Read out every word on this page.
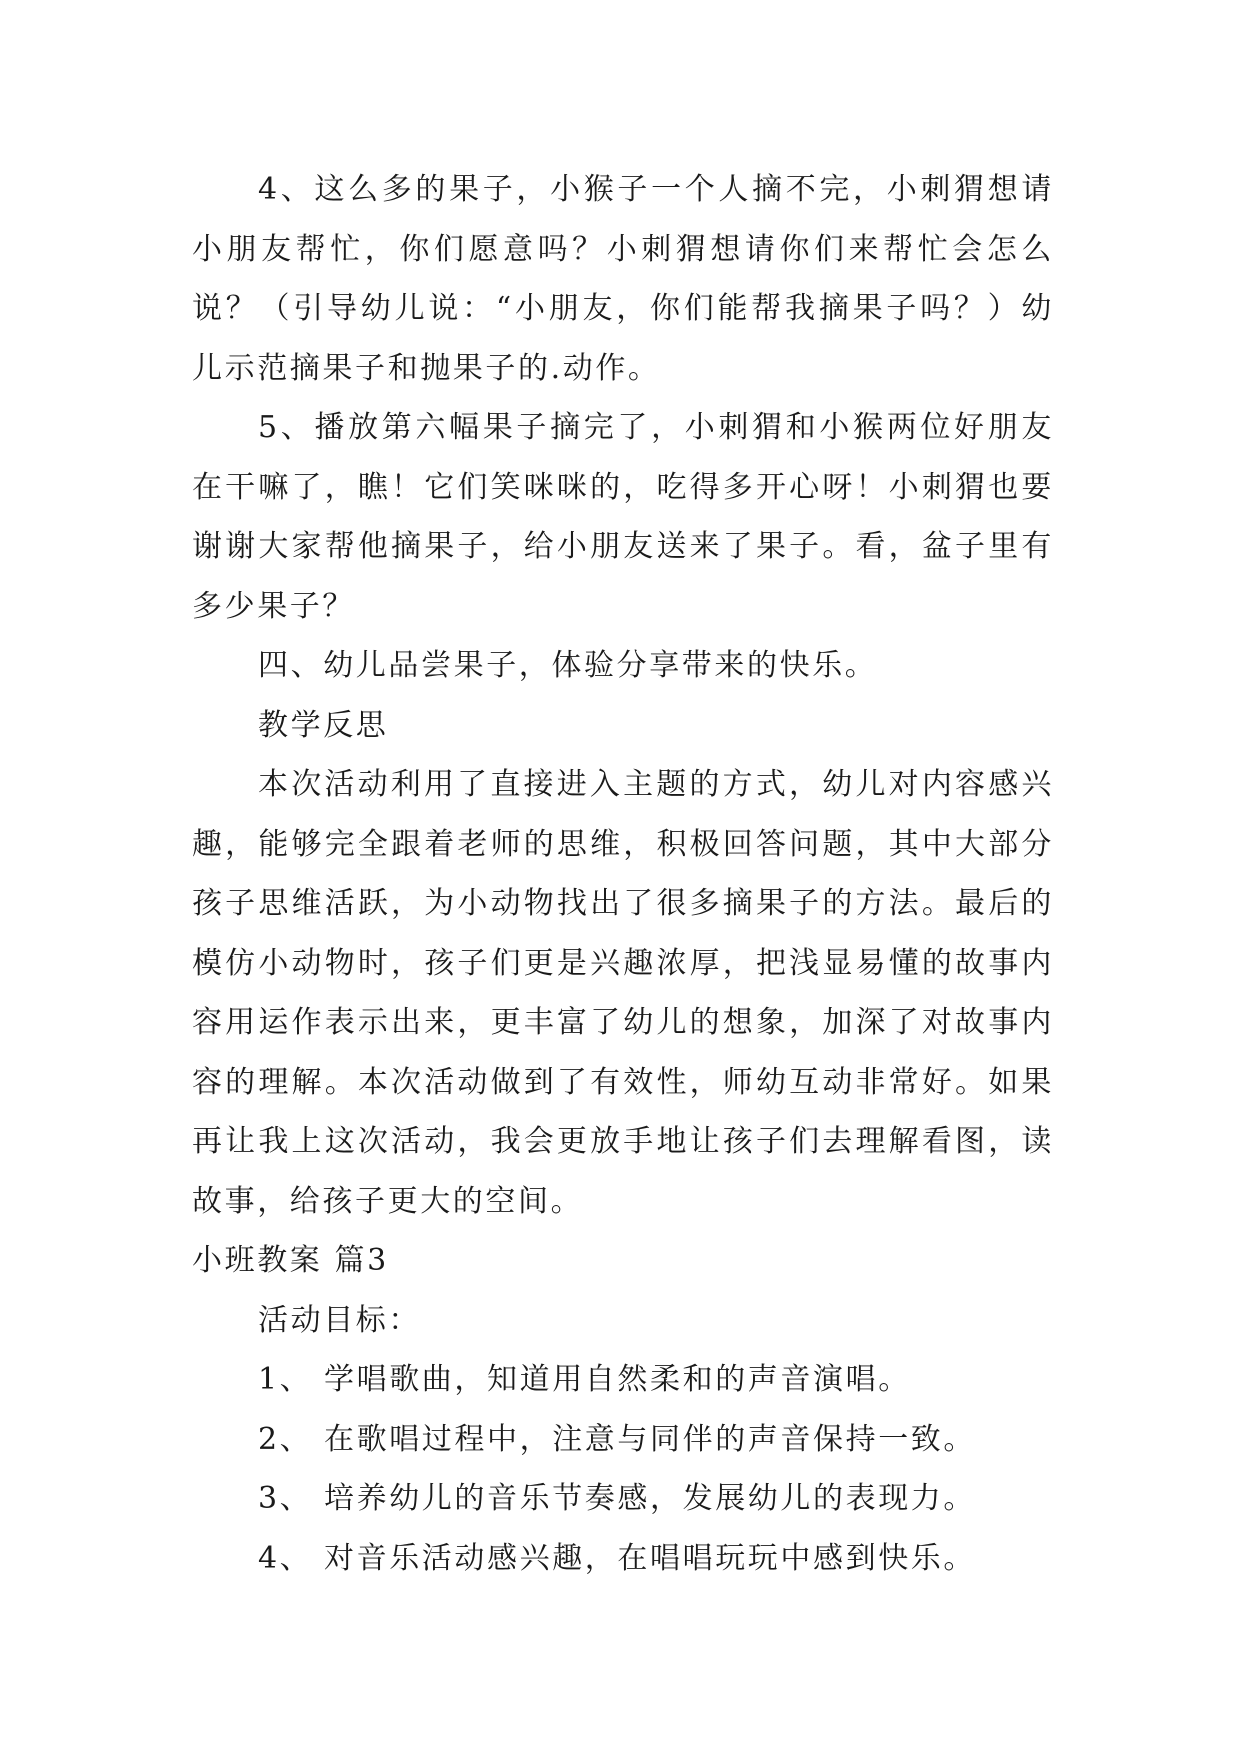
4、这么多的果子，小猴子一个人摘不完，小刺猬想请小朋友帮忙，你们愿意吗？小刺猬想请你们来帮忙会怎么说？（引导幼儿说：“小朋友，你们能帮我摘果子吗？）幼儿示范摘果子和抛果子的.动作。

5、播放第六幅果子摘完了，小刺猬和小猴两位好朋友在干嘛了，瞧！它们笑咪咪的，吃得多开心呀！小刺猬也要谢谢大家帮他摘果子，给小朋友送来了果子。看，盆子里有多少果子？

四、幼儿品尝果子，体验分享带来的快乐。

教学反思

本次活动利用了直接进入主题的方式，幼儿对内容感兴趣，能够完全跟着老师的思维，积极回答问题，其中大部分孩子思维活跃，为小动物找出了很多摘果子的方法。最后的模仿小动物时，孩子们更是兴趣浓厚，把浅显易懂的故事内容用运作表示出来，更丰富了幼儿的想象，加深了对故事内容的理解。本次活动做到了有效性，师幼互动非常好。如果再让我上这次活动，我会更放手地让孩子们去理解看图，读故事，给孩子更大的空间。

小班教案 篇3

活动目标：

1、 学唱歌曲，知道用自然柔和的声音演唱。

2、 在歌唱过程中，注意与同伴的声音保持一致。

3、 培养幼儿的音乐节奏感，发展幼儿的表现力。

4、 对音乐活动感兴趣，在唱唱玩玩中感到快乐。
